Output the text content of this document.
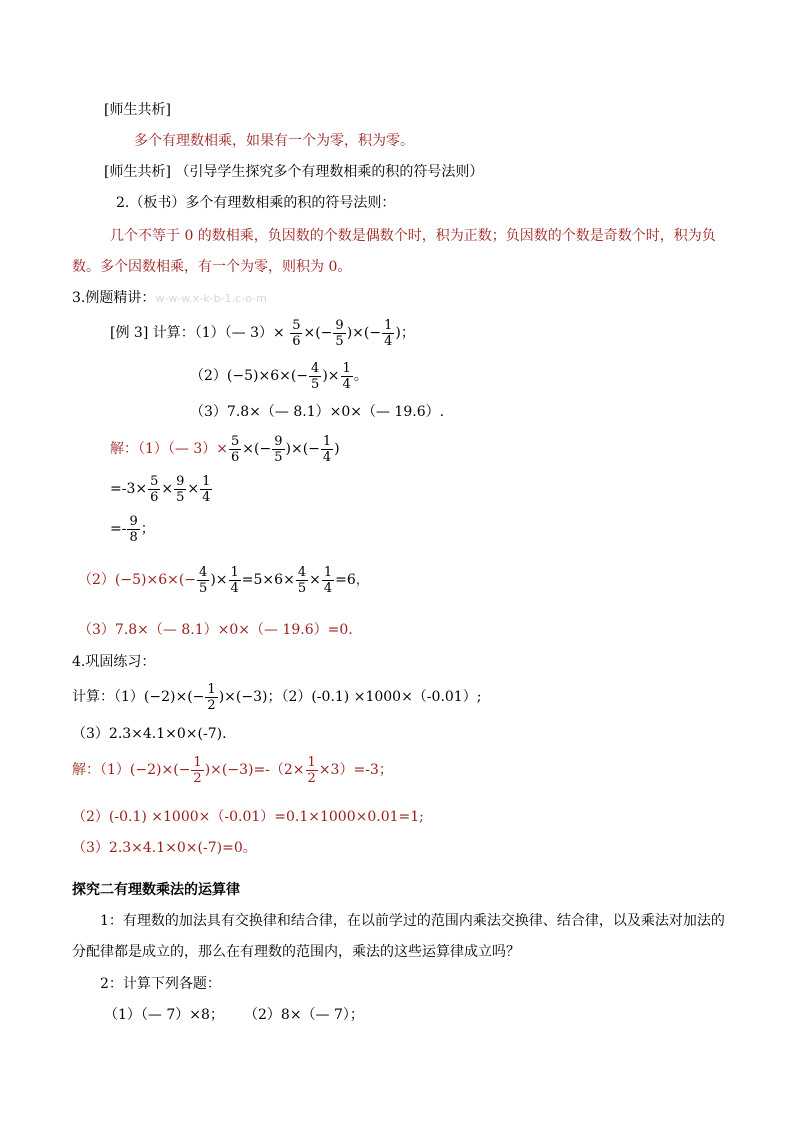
[师生共析]
多个有理数相乘，如果有一个为零，积为零。
[师生共析] （引导学生探究多个有理数相乘的积的符号法则）
2.（板书）多个有理数相乘的积的符号法则：
几个不等于 0 的数相乘，负因数的个数是偶数个时，积为正数；负因数的个数是奇数个时，积为负
数。多个因数相乘，有一个为零，则积为 0。
3.例题精讲：w-w-w.x-k-b-1.c-o-m
[例 3] 计算：（1）（— $3)\times \frac{5}{6}$ ×(− $\frac{9}{5}$ )×(− $\frac{1}{4}$ )；
$(2)(-5)\times 6\times(- \frac{4}{5}$ )× $\frac{1}{4}$ 。
（3）7.8×（— 8.1）×0×（— 19.6）.
解：（1）（— $3)\times \frac{5}{6}$ ×(− $\frac{9}{5}$ )×(− $\frac{1}{4}$ )
$=-3\times \frac{5}{6} \times \frac{9}{5} \times \frac{1}{4}$
=- $\frac{9}{8}$ ；
$(2)(-5)\times 6\times(- \frac{4}{5}$ )× $\frac{1}{4} =5\times 6\times \frac{4}{5} \times \frac{1}{4} =6$，
（3）7.8×（— 8.1）×0×（— 19.6）=0.
4.巩固练习：
计算：$(1)(-2)\times(- \frac{1}{2} )\times(-3)$；（2）(-0.1) ×1000×（-0.01）;
（3）2.3×4.1×0×(-7).
解：$(1)(-2)\times(- \frac{1}{2} )\times(-3)=-(2\times \frac{1}{2} \times 3)=-3$；
（2）(-0.1) ×1000×（-0.01）=0.1×1000×0.01=1;
（3）2.3×4.1×0×(-7)=0。
探究二有理数乘法的运算律
1：有理数的加法具有交换律和结合律，在以前学过的范围内乘法交换律、结合律，以及乘法对加法的
分配律都是成立的，那么在有理数的范围内，乘法的这些运算律成立吗？
2：计算下列各题：
（1）（— 7）×8； （2）8×（— 7）；
